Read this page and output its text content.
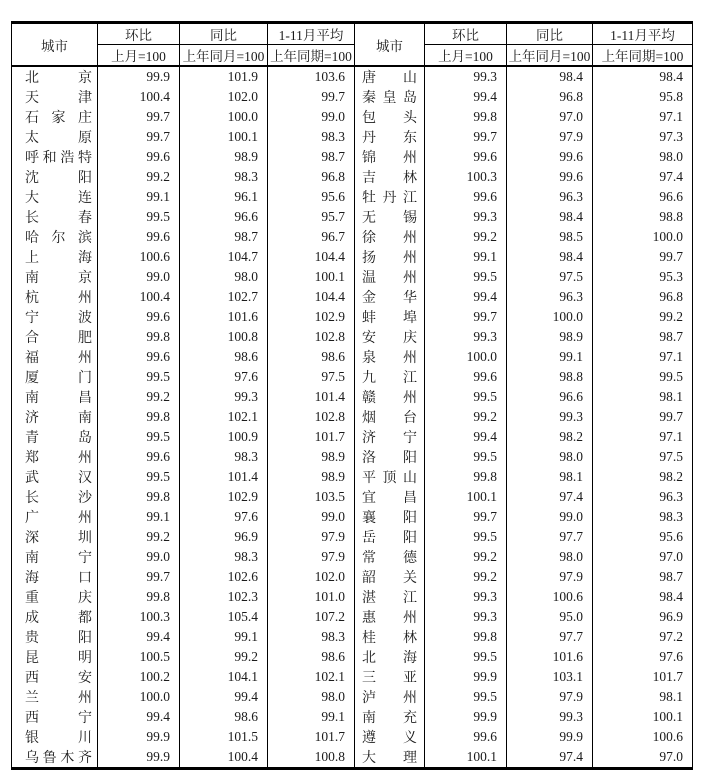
城市	环比	同比	1-11月平均	城市	环比	同比	1-11月平均
	上月=100	上年同月=100	上年同期=100		上月=100	上年同月=100	上年同期=100

北 京	99.9	101.9	103.6	唐 山	99.3	98.4	98.4

天 津	100.4	102.0	99.7	秦 皇 岛	99.4	96.8	95.8

石 家 庄	99.7	100.0	99.0	包 头	99.8	97.0	97.1

太 原	99.7	100.1	98.3	丹 东	99.7	97.9	97.3

呼 和 浩 特	99.6	98.9	98.7	锦 州	99.6	99.6	98.0

沈 阳	99.2	98.3	96.8	吉 林	100.3	99.6	97.4

大 连	99.1	96.1	95.6	牡 丹 江	99.6	96.3	96.6

长 春	99.5	96.6	95.7	无 锡	99.3	98.4	98.8

哈 尔 滨	99.6	98.7	96.7	徐 州	99.2	98.5	100.0

上 海	100.6	104.7	104.4	扬 州	99.1	98.4	99.7

南 京	99.0	98.0	100.1	温 州	99.5	97.5	95.3

杭 州	100.4	102.7	104.4	金 华	99.4	96.3	96.8

宁 波	99.6	101.6	102.9	蚌 埠	99.7	100.0	99.2

合 肥	99.8	100.8	102.8	安 庆	99.3	98.9	98.7

福 州	99.6	98.6	98.6	泉 州	100.0	99.1	97.1

厦 门	99.5	97.6	97.5	九 江	99.6	98.8	99.5

南 昌	99.2	99.3	101.4	赣 州	99.5	96.6	98.1

济 南	99.8	102.1	102.8	烟 台	99.2	99.3	99.7

青 岛	99.5	100.9	101.7	济 宁	99.4	98.2	97.1

郑 州	99.6	98.3	98.9	洛 阳	99.5	98.0	97.5

武 汉	99.5	101.4	98.9	平 顶 山	99.8	98.1	98.2

长 沙	99.8	102.9	103.5	宜 昌	100.1	97.4	96.3

广 州	99.1	97.6	99.0	襄 阳	99.7	99.0	98.3

深 圳	99.2	96.9	97.9	岳 阳	99.5	97.7	95.6

南 宁	99.0	98.3	97.9	常 德	99.2	98.0	97.0

海 口	99.7	102.6	102.0	韶 关	99.2	97.9	98.7

重 庆	99.8	102.3	101.0	湛 江	99.3	100.6	98.4

成 都	100.3	105.4	107.2	惠 州	99.3	95.0	96.9

贵 阳	99.4	99.1	98.3	桂 林	99.8	97.7	97.2

昆 明	100.5	99.2	98.6	北 海	99.5	101.6	97.6

西 安	100.2	104.1	102.1	三 亚	99.9	103.1	101.7

兰 州	100.0	99.4	98.0	泸 州	99.5	97.9	98.1

西 宁	99.4	98.6	99.1	南 充	99.9	99.3	100.1

银 川	99.9	101.5	101.7	遵 义	99.6	99.9	100.6

乌 鲁 木 齐	99.9	100.4	100.8	大 理	100.1	97.4	97.0
